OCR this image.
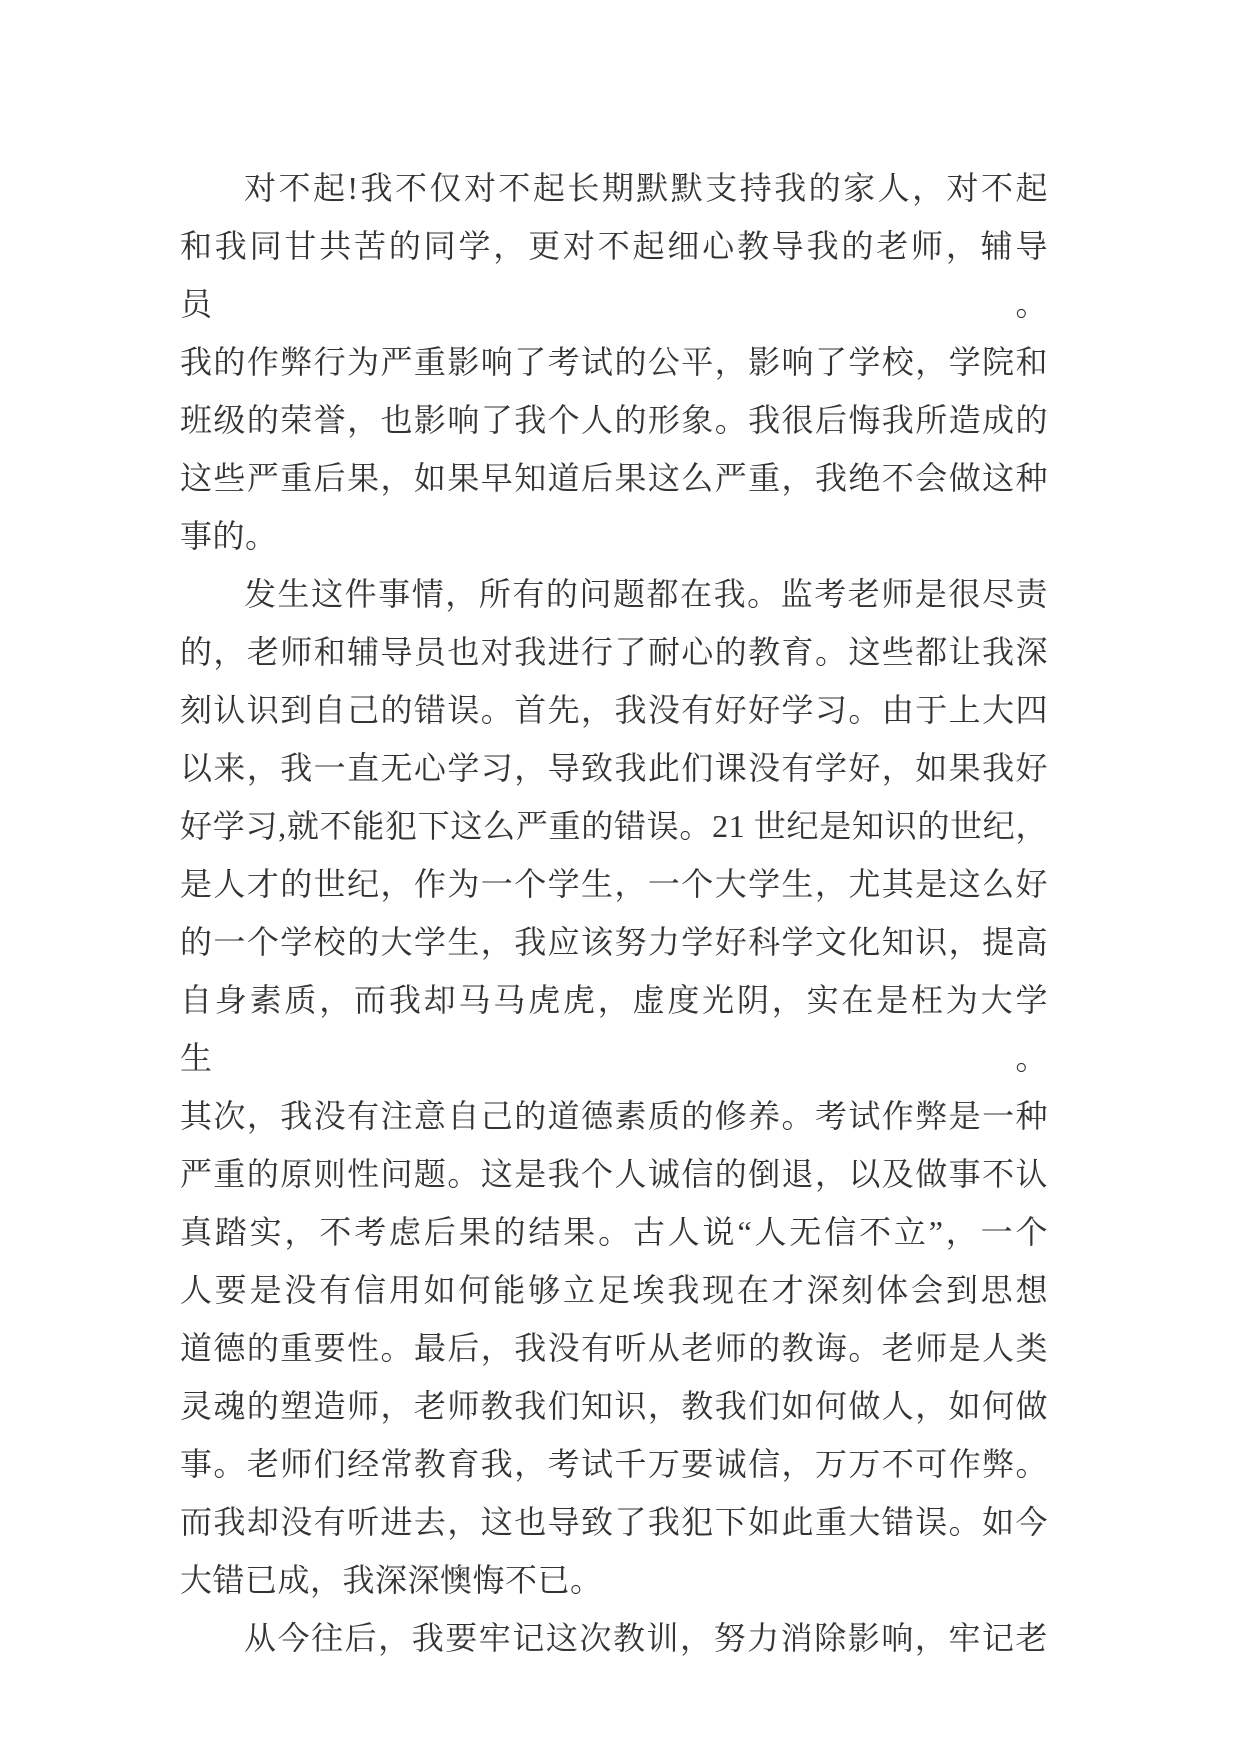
对不起!我不仅对不起长期默默支持我的家人，对不起
和我同甘共苦的同学，更对不起细心教导我的老师，辅导员。
我的作弊行为严重影响了考试的公平，影响了学校，学院和
班级的荣誉，也影响了我个人的形象。我很后悔我所造成的
这些严重后果，如果早知道后果这么严重，我绝不会做这种
事的。
发生这件事情，所有的问题都在我。监考老师是很尽责
的，老师和辅导员也对我进行了耐心的教育。这些都让我深
刻认识到自己的错误。首先，我没有好好学习。由于上大四
以来，我一直无心学习，导致我此们课没有学好，如果我好
好学习,就不能犯下这么严重的错误。21 世纪是知识的世纪，
是人才的世纪，作为一个学生，一个大学生，尤其是这么好
的一个学校的大学生，我应该努力学好科学文化知识，提高
自身素质，而我却马马虎虎，虚度光阴，实在是枉为大学生。
其次，我没有注意自己的道德素质的修养。考试作弊是一种
严重的原则性问题。这是我个人诚信的倒退，以及做事不认
真踏实，不考虑后果的结果。古人说“人无信不立”，一个
人要是没有信用如何能够立足埃我现在才深刻体会到思想
道德的重要性。最后，我没有听从老师的教诲。老师是人类
灵魂的塑造师，老师教我们知识，教我们如何做人，如何做
事。老师们经常教育我，考试千万要诚信，万万不可作弊。
而我却没有听进去，这也导致了我犯下如此重大错误。如今
大错已成，我深深懊悔不已。
从今往后，我要牢记这次教训，努力消除影响，牢记老
